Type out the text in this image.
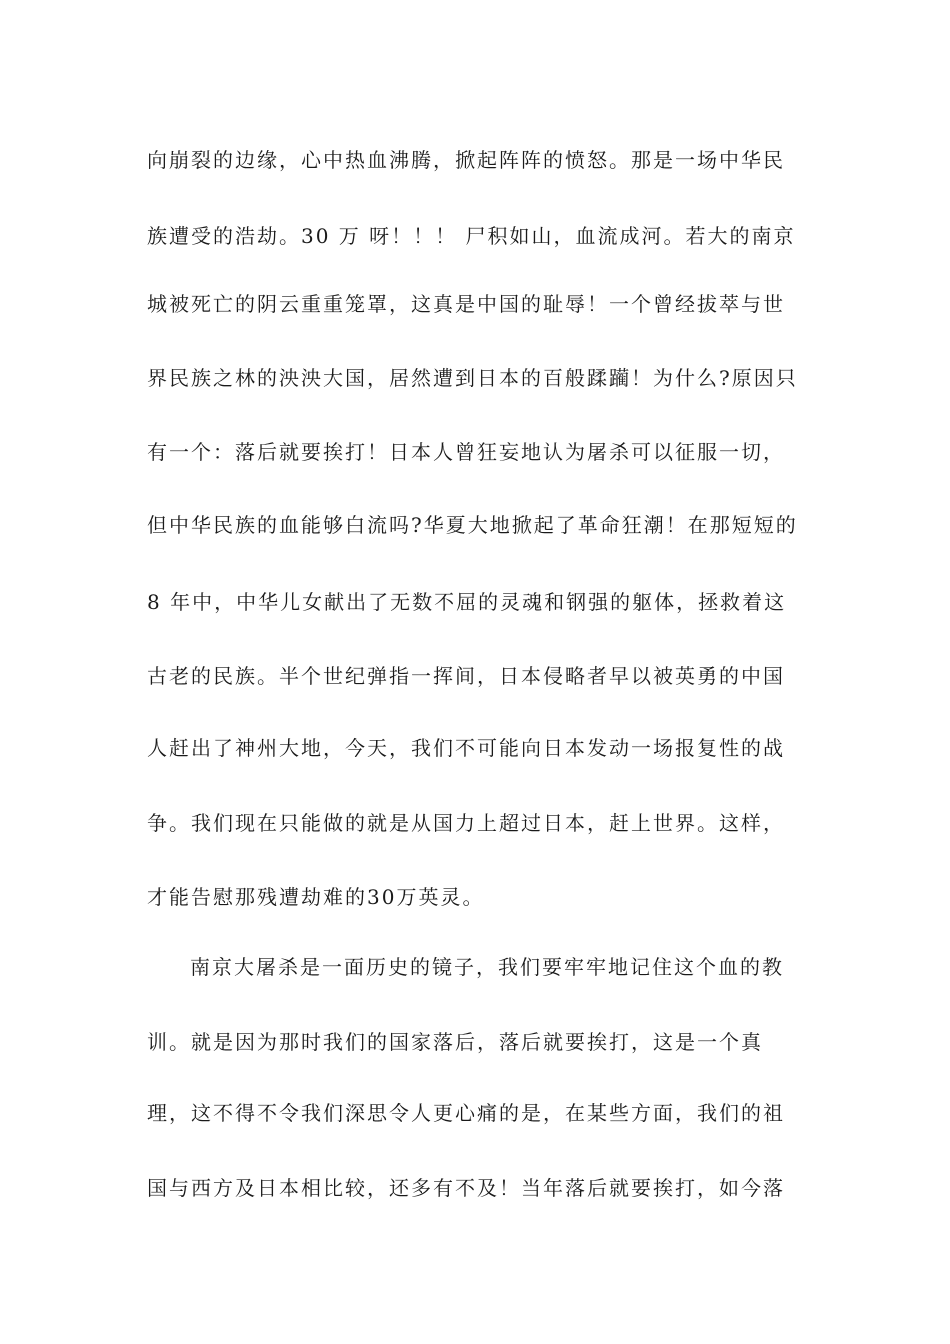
向崩裂的边缘，心中热血沸腾，掀起阵阵的愤怒。那是一场中华民
族遭受的浩劫。30 万 呀！！！ 尸积如山，血流成河。若大的南京
城被死亡的阴云重重笼罩，这真是中国的耻辱！一个曾经拔萃与世
界民族之林的泱泱大国，居然遭到日本的百般蹂躏！为什么?原因只
有一个：落后就要挨打！日本人曾狂妄地认为屠杀可以征服一切，
但中华民族的血能够白流吗?华夏大地掀起了革命狂潮！在那短短的
8 年中，中华儿女献出了无数不屈的灵魂和钢强的躯体，拯救着这
古老的民族。半个世纪弹指一挥间，日本侵略者早以被英勇的中国
人赶出了神州大地，今天，我们不可能向日本发动一场报复性的战
争。我们现在只能做的就是从国力上超过日本，赶上世界。这样，
才能告慰那残遭劫难的30万英灵。
南京大屠杀是一面历史的镜子，我们要牢牢地记住这个血的教
训。就是因为那时我们的国家落后，落后就要挨打，这是一个真
理，这不得不令我们深思令人更心痛的是，在某些方面，我们的祖
国与西方及日本相比较，还多有不及！当年落后就要挨打，如今落
